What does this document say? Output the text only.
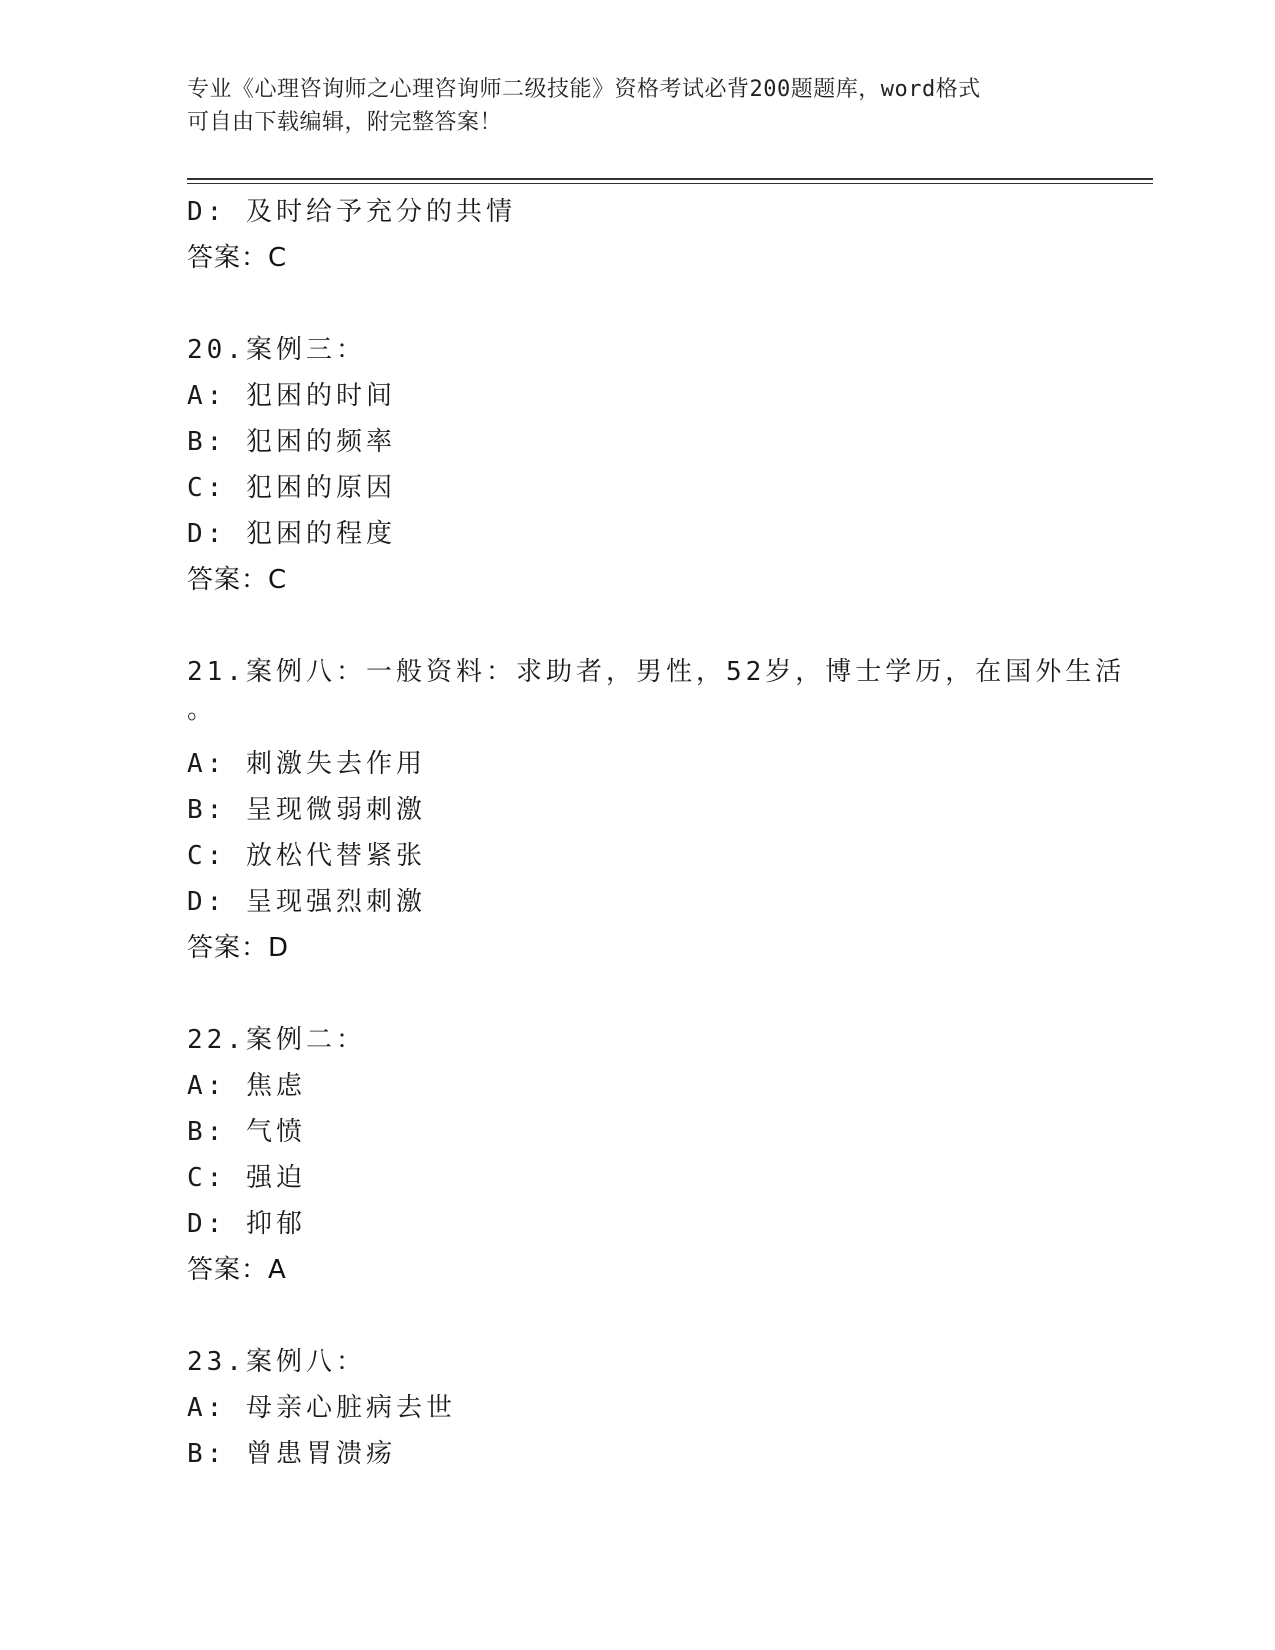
专业《心理咨询师之心理咨询师二级技能》资格考试必背200题题库，word格式
可自由下载编辑，附完整答案！
D: 及时给予充分的共情
答案：C
20.案例三：
A: 犯困的时间
B: 犯困的频率
C: 犯困的原因
D: 犯困的程度
答案：C
21.案例八：一般资料：求助者，男性，52岁，博士学历，在国外生活
。
A: 刺激失去作用
B: 呈现微弱刺激
C: 放松代替紧张
D: 呈现强烈刺激
答案：D
22.案例二：
A: 焦虑
B: 气愤
C: 强迫
D: 抑郁
答案：A
23.案例八：
A: 母亲心脏病去世
B: 曾患胃溃疡
